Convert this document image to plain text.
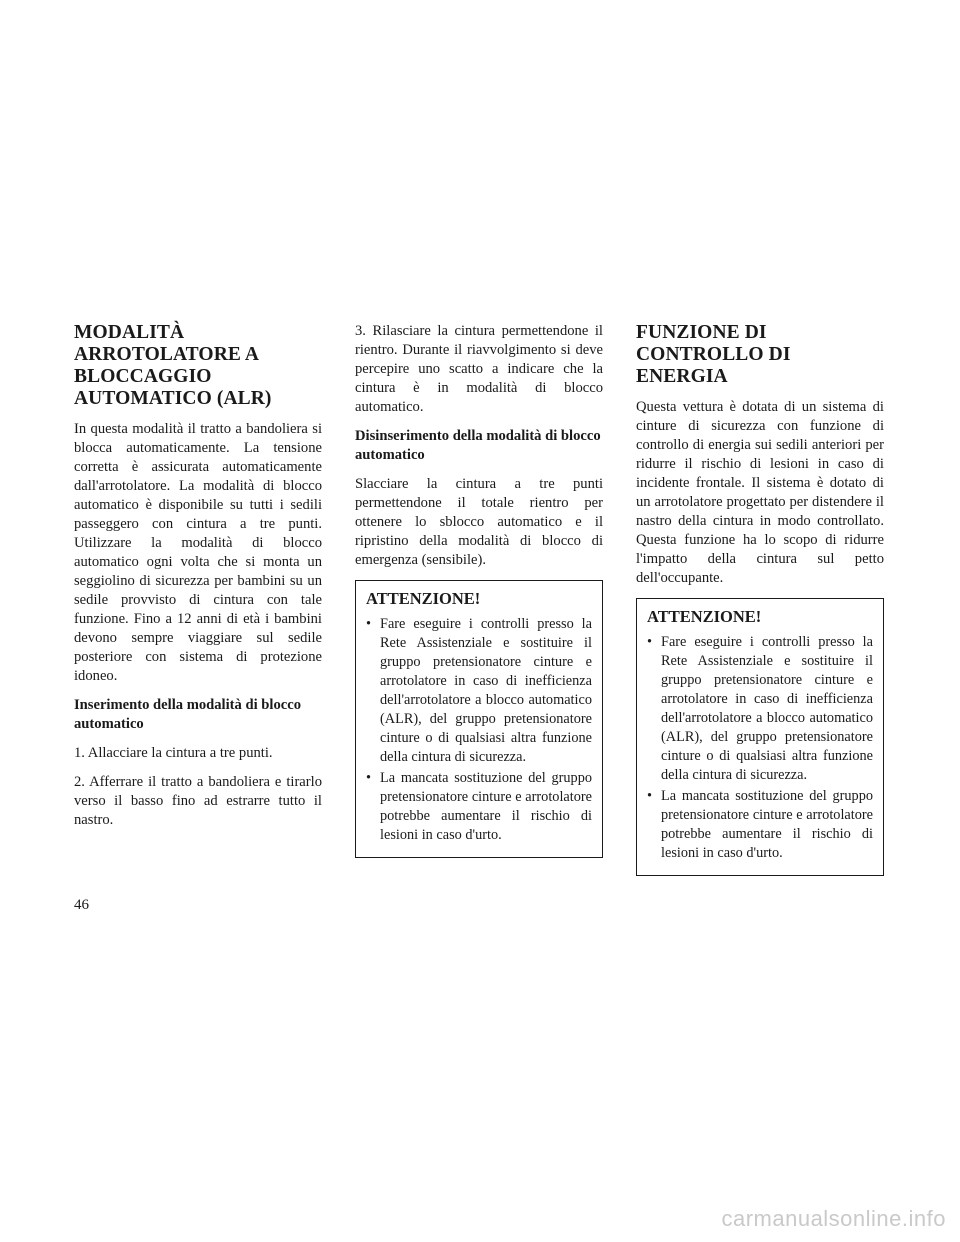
MODALITÀ ARROTOLATORE A BLOCCAGGIO AUTOMATICO (ALR)

In questa modalità il tratto a bandoliera si blocca automaticamente. La tensione corretta è assicurata automaticamente dall'arrotolatore. La modalità di blocco automatico è disponibile su tutti i sedili passeggero con cintura a tre punti. Utilizzare la modalità di blocco automatico ogni volta che si monta un seggiolino di sicurezza per bambini su un sedile provvisto di cintura con tale funzione. Fino a 12 anni di età i bambini devono sempre viaggiare sul sedile posteriore con sistema di protezione idoneo.

Inserimento della modalità di blocco automatico
1. Allacciare la cintura a tre punti.
2. Afferrare il tratto a bandoliera e tirarlo verso il basso fino ad estrarre tutto il nastro.
3. Rilasciare la cintura permettendone il rientro. Durante il riavvolgimento si deve percepire uno scatto a indicare che la cintura è in modalità di blocco automatico.
Disinserimento della modalità di blocco automatico

Slacciare la cintura a tre punti permettendone il totale rientro per ottenere lo sblocco automatico e il ripristino della modalità di blocco di emergenza (sensibile).

ATTENZIONE!
• Fare eseguire i controlli presso la Rete Assistenziale e sostituire il gruppo pretensionatore cinture e arrotolatore in caso di inefficienza dell'arrotolatore a blocco automatico (ALR), del gruppo pretensionatore cinture o di qualsiasi altra funzione della cintura di sicurezza.
• La mancata sostituzione del gruppo pretensionatore cinture e arrotolatore potrebbe aumentare il rischio di lesioni in caso d'urto.
FUNZIONE DI CONTROLLO DI ENERGIA

Questa vettura è dotata di un sistema di cinture di sicurezza con funzione di controllo di energia sui sedili anteriori per ridurre il rischio di lesioni in caso di incidente frontale. Il sistema è dotato di un arrotolatore progettato per distendere il nastro della cintura in modo controllato. Questa funzione ha lo scopo di ridurre l'impatto della cintura sul petto dell'occupante.

ATTENZIONE!
• Fare eseguire i controlli presso la Rete Assistenziale e sostituire il gruppo pretensionatore cinture e arrotolatore in caso di inefficienza dell'arrotolatore a blocco automatico (ALR), del gruppo pretensionatore cinture o di qualsiasi altra funzione della cintura di sicurezza.
• La mancata sostituzione del gruppo pretensionatore cinture e arrotolatore potrebbe aumentare il rischio di lesioni in caso d'urto.
46
carmanualsonline.info
